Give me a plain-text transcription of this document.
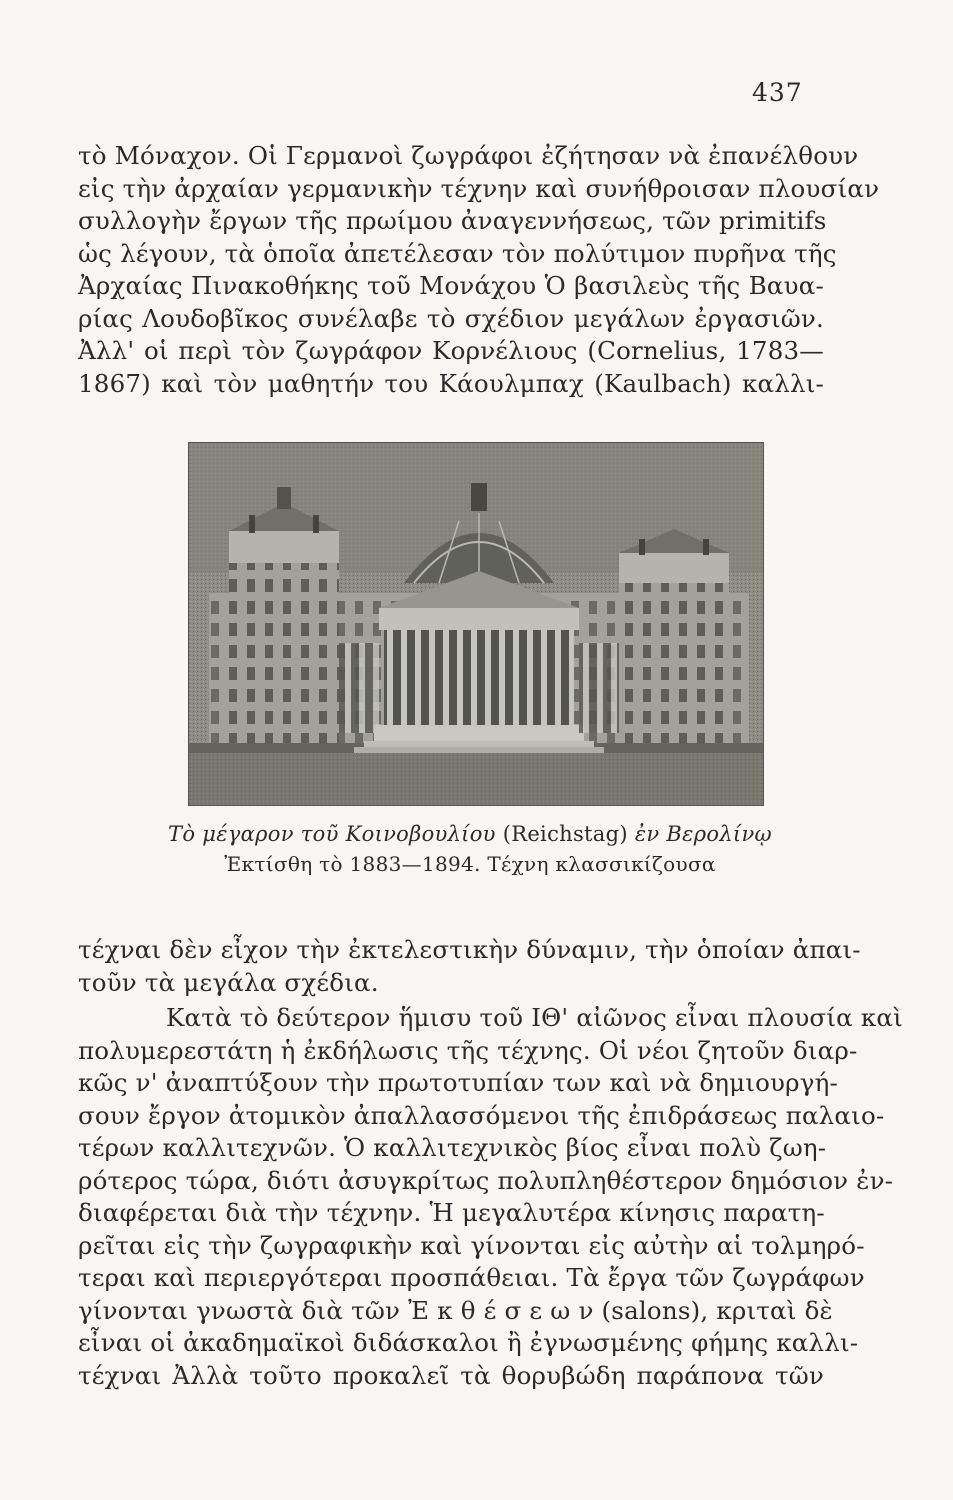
437
τὸ Μόναχον. Οἱ Γερμανοὶ ζωγράφοι ἐζήτησαν νὰ ἐπανέλθουν
εἰς τὴν ἀρχαίαν γερμανικὴν τέχνην καὶ συνήθροισαν πλουσίαν
συλλογὴν ἔργων τῆς πρωίμου ἀναγεννήσεως, τῶν primitifs
ὡς λέγουν, τὰ ὁποῖα ἀπετέλεσαν τὸν πολύτιμον πυρῆνα τῆς
Ἀρχαίας Πινακοθήκης τοῦ Μονάχου Ὁ βασιλεὺς τῆς Βαυα-
ρίας Λουδοβῖκος συνέλαβε τὸ σχέδιον μεγάλων ἐργασιῶν.
Ἀλλ' οἱ περὶ τὸν ζωγράφον Κορνέλιους (Cornelius, 1783—
1867) καὶ τὸν μαθητήν του Κάουλμπαχ (Kaulbach) καλλι-
Τὸ μέγαρον τοῦ Κοινοβουλίου (Reichstag) ἐν Βερολίνῳ
Ἐκτίσθη τὸ 1883—1894. Τέχνη κλασσικίζουσα
τέχναι δὲν εἶχον τὴν ἐκτελεστικὴν δύναμιν, τὴν ὁποίαν ἀπαι-
τοῦν τὰ μεγάλα σχέδια.
Κατὰ τὸ δεύτερον ἥμισυ τοῦ ΙΘ' αἰῶνος εἶναι πλουσία καὶ
πολυμερεστάτη ἡ ἐκδήλωσις τῆς τέχνης. Οἱ νέοι ζητοῦν διαρ-
κῶς ν' ἀναπτύξουν τὴν πρωτοτυπίαν των καὶ νὰ δημιουργή-
σουν ἔργον ἀτομικὸν ἀπαλλασσόμενοι τῆς ἐπιδράσεως παλαιο-
τέρων καλλιτεχνῶν. Ὁ καλλιτεχνικὸς βίος εἶναι πολὺ ζωη-
ρότερος τώρα, διότι ἀσυγκρίτως πολυπληθέστερον δημόσιον ἐν-
διαφέρεται διὰ τὴν τέχνην. Ἡ μεγαλυτέρα κίνησις παρατη-
ρεῖται εἰς τὴν ζωγραφικὴν καὶ γίνονται εἰς αὐτὴν αἱ τολμηρό-
τεραι καὶ περιεργότεραι προσπάθειαι. Τὰ ἔργα τῶν ζωγράφων
γίνονται γνωστὰ διὰ τῶν Ἐ κ θ έ σ ε ω ν (salons), κριταὶ δὲ
εἶναι οἱ ἀκαδημαϊκοὶ διδάσκαλοι ἢ ἐγνωσμένης φήμης καλλι-
τέχναι Ἀλλὰ τοῦτο προκαλεῖ τὰ θορυβώδη παράπονα τῶν
